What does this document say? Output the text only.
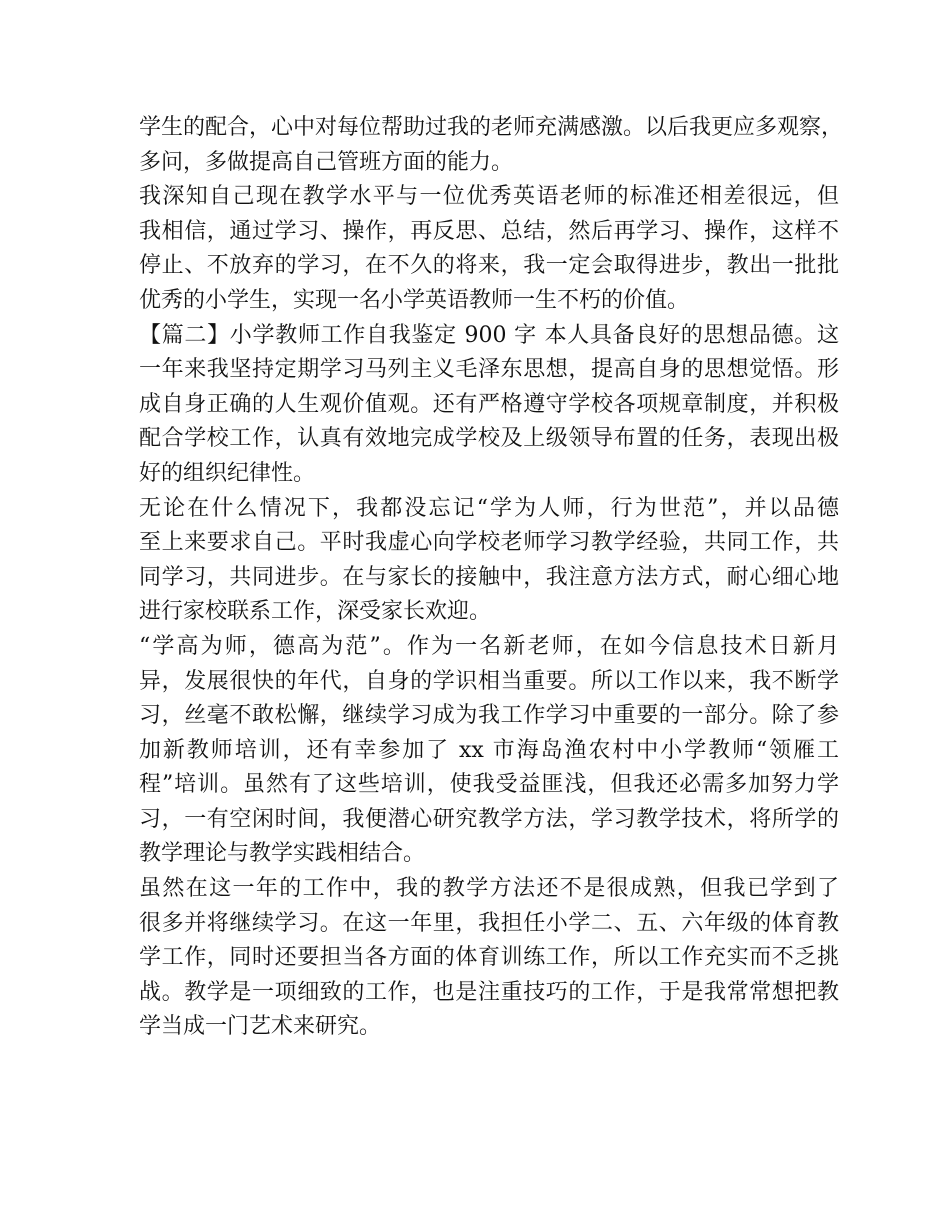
学生的配合，心中对每位帮助过我的老师充满感激。以后我更应多观察，
多问，多做提高自己管班方面的能力。
我深知自己现在教学水平与一位优秀英语老师的标准还相差很远，但
我相信，通过学习、操作，再反思、总结，然后再学习、操作，这样不
停止、不放弃的学习，在不久的将来，我一定会取得进步，教出一批批
优秀的小学生，实现一名小学英语教师一生不朽的价值。
【篇二】小学教师工作自我鉴定 900 字 本人具备良好的思想品德。这
一年来我坚持定期学习马列主义毛泽东思想，提高自身的思想觉悟。形
成自身正确的人生观价值观。还有严格遵守学校各项规章制度，并积极
配合学校工作，认真有效地完成学校及上级领导布置的任务，表现出极
好的组织纪律性。
无论在什么情况下，我都没忘记“学为人师，行为世范”，并以品德
至上来要求自己。平时我虚心向学校老师学习教学经验，共同工作，共
同学习，共同进步。在与家长的接触中，我注意方法方式，耐心细心地
进行家校联系工作，深受家长欢迎。
“学高为师，德高为范”。作为一名新老师，在如今信息技术日新月
异，发展很快的年代，自身的学识相当重要。所以工作以来，我不断学
习，丝毫不敢松懈，继续学习成为我工作学习中重要的一部分。除了参
加新教师培训，还有幸参加了 xx 市海岛渔农村中小学教师“领雁工
程”培训。虽然有了这些培训，使我受益匪浅，但我还必需多加努力学
习，一有空闲时间，我便潜心研究教学方法，学习教学技术，将所学的
教学理论与教学实践相结合。
虽然在这一年的工作中，我的教学方法还不是很成熟，但我已学到了
很多并将继续学习。在这一年里，我担任小学二、五、六年级的体育教
学工作，同时还要担当各方面的体育训练工作，所以工作充实而不乏挑
战。教学是一项细致的工作，也是注重技巧的工作，于是我常常想把教
学当成一门艺术来研究。
